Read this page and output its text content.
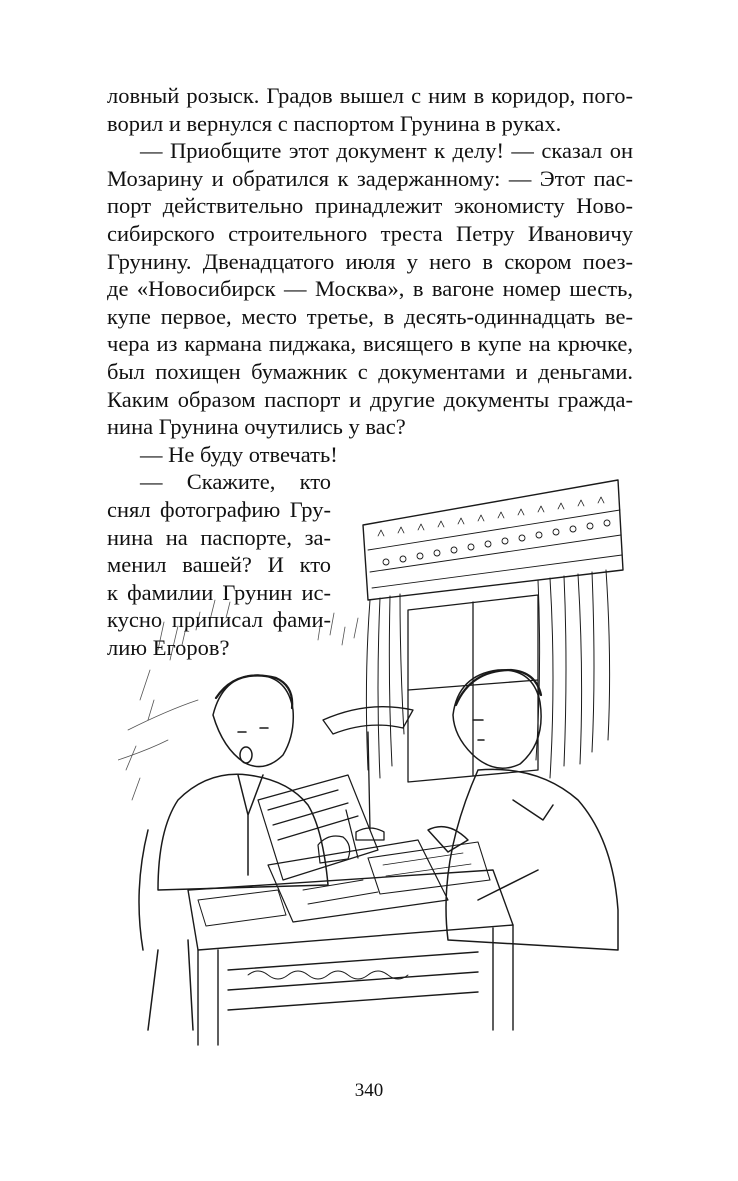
ловный розыск. Градов вышел с ним в коридор, пого-
ворил и вернулся с паспортом Грунина в руках.
— Приобщите этот документ к делу! — сказал он
Мозарину и обратился к задержанному: — Этот пас-
порт действительно принадлежит экономисту Ново-
сибирского строительного треста Петру Ивановичу
Грунину. Двенадцатого июля у него в скором поез-
де «Новосибирск — Москва», в вагоне номер шесть,
купе первое, место третье, в десять-одиннадцать ве-
чера из кармана пиджака, висящего в купе на крючке,
был похищен бумажник с документами и деньгами.
Каким образом паспорт и другие документы гражда-
нина Грунина очутились у вас?
— Не буду отвечать!
— Скажите, кто
снял фотографию Гру-
нина на паспорте, за-
менил вашей? И кто
к фамилии Грунин ис-
кусно приписал фами-
лию Егоров?
340
